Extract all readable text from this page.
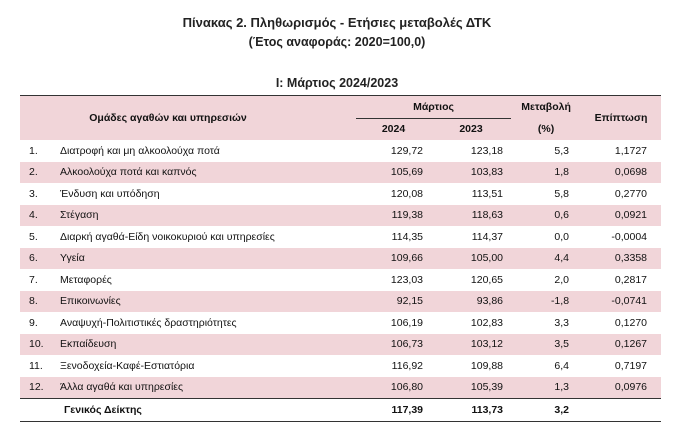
Πίνακας 2. Πληθωρισμός - Ετήσιες μεταβολές ΔΤΚ
(Έτος αναφοράς: 2020=100,0)
Ι: Μάρτιος 2024/2023
Ομάδες αγαθών και υπηρεσιών		Μάρτιος		Μεταβολή	Επίπτωση
		2024	2023	(%)	
1.	Διατροφή και μη αλκοολούχα ποτά	129,72	123,18	5,3	1,1727
2.	Αλκοολούχα ποτά και καπνός	105,69	103,83	1,8	0,0698
3.	Ένδυση και υπόδηση	120,08	113,51	5,8	0,2770
4.	Στέγαση	119,38	118,63	0,6	0,0921
5.	Διαρκή αγαθά-Είδη νοικοκυριού και υπηρεσίες	114,35	114,37	0,0	-0,0004
6.	Υγεία	109,66	105,00	4,4	0,3358
7.	Μεταφορές	123,03	120,65	2,0	0,2817
8.	Επικοινωνίες	92,15	93,86	-1,8	-0,0741
9.	Αναψυχή-Πολιτιστικές δραστηριότητες	106,19	102,83	3,3	0,1270
10.	Εκπαίδευση	106,73	103,12	3,5	0,1267
11.	Ξενοδοχεία-Καφέ-Εστιατόρια	116,92	109,88	6,4	0,7197
12.	Άλλα αγαθά και υπηρεσίες	106,80	105,39	1,3	0,0976
	Γενικός Δείκτης	117,39	113,73	3,2	
